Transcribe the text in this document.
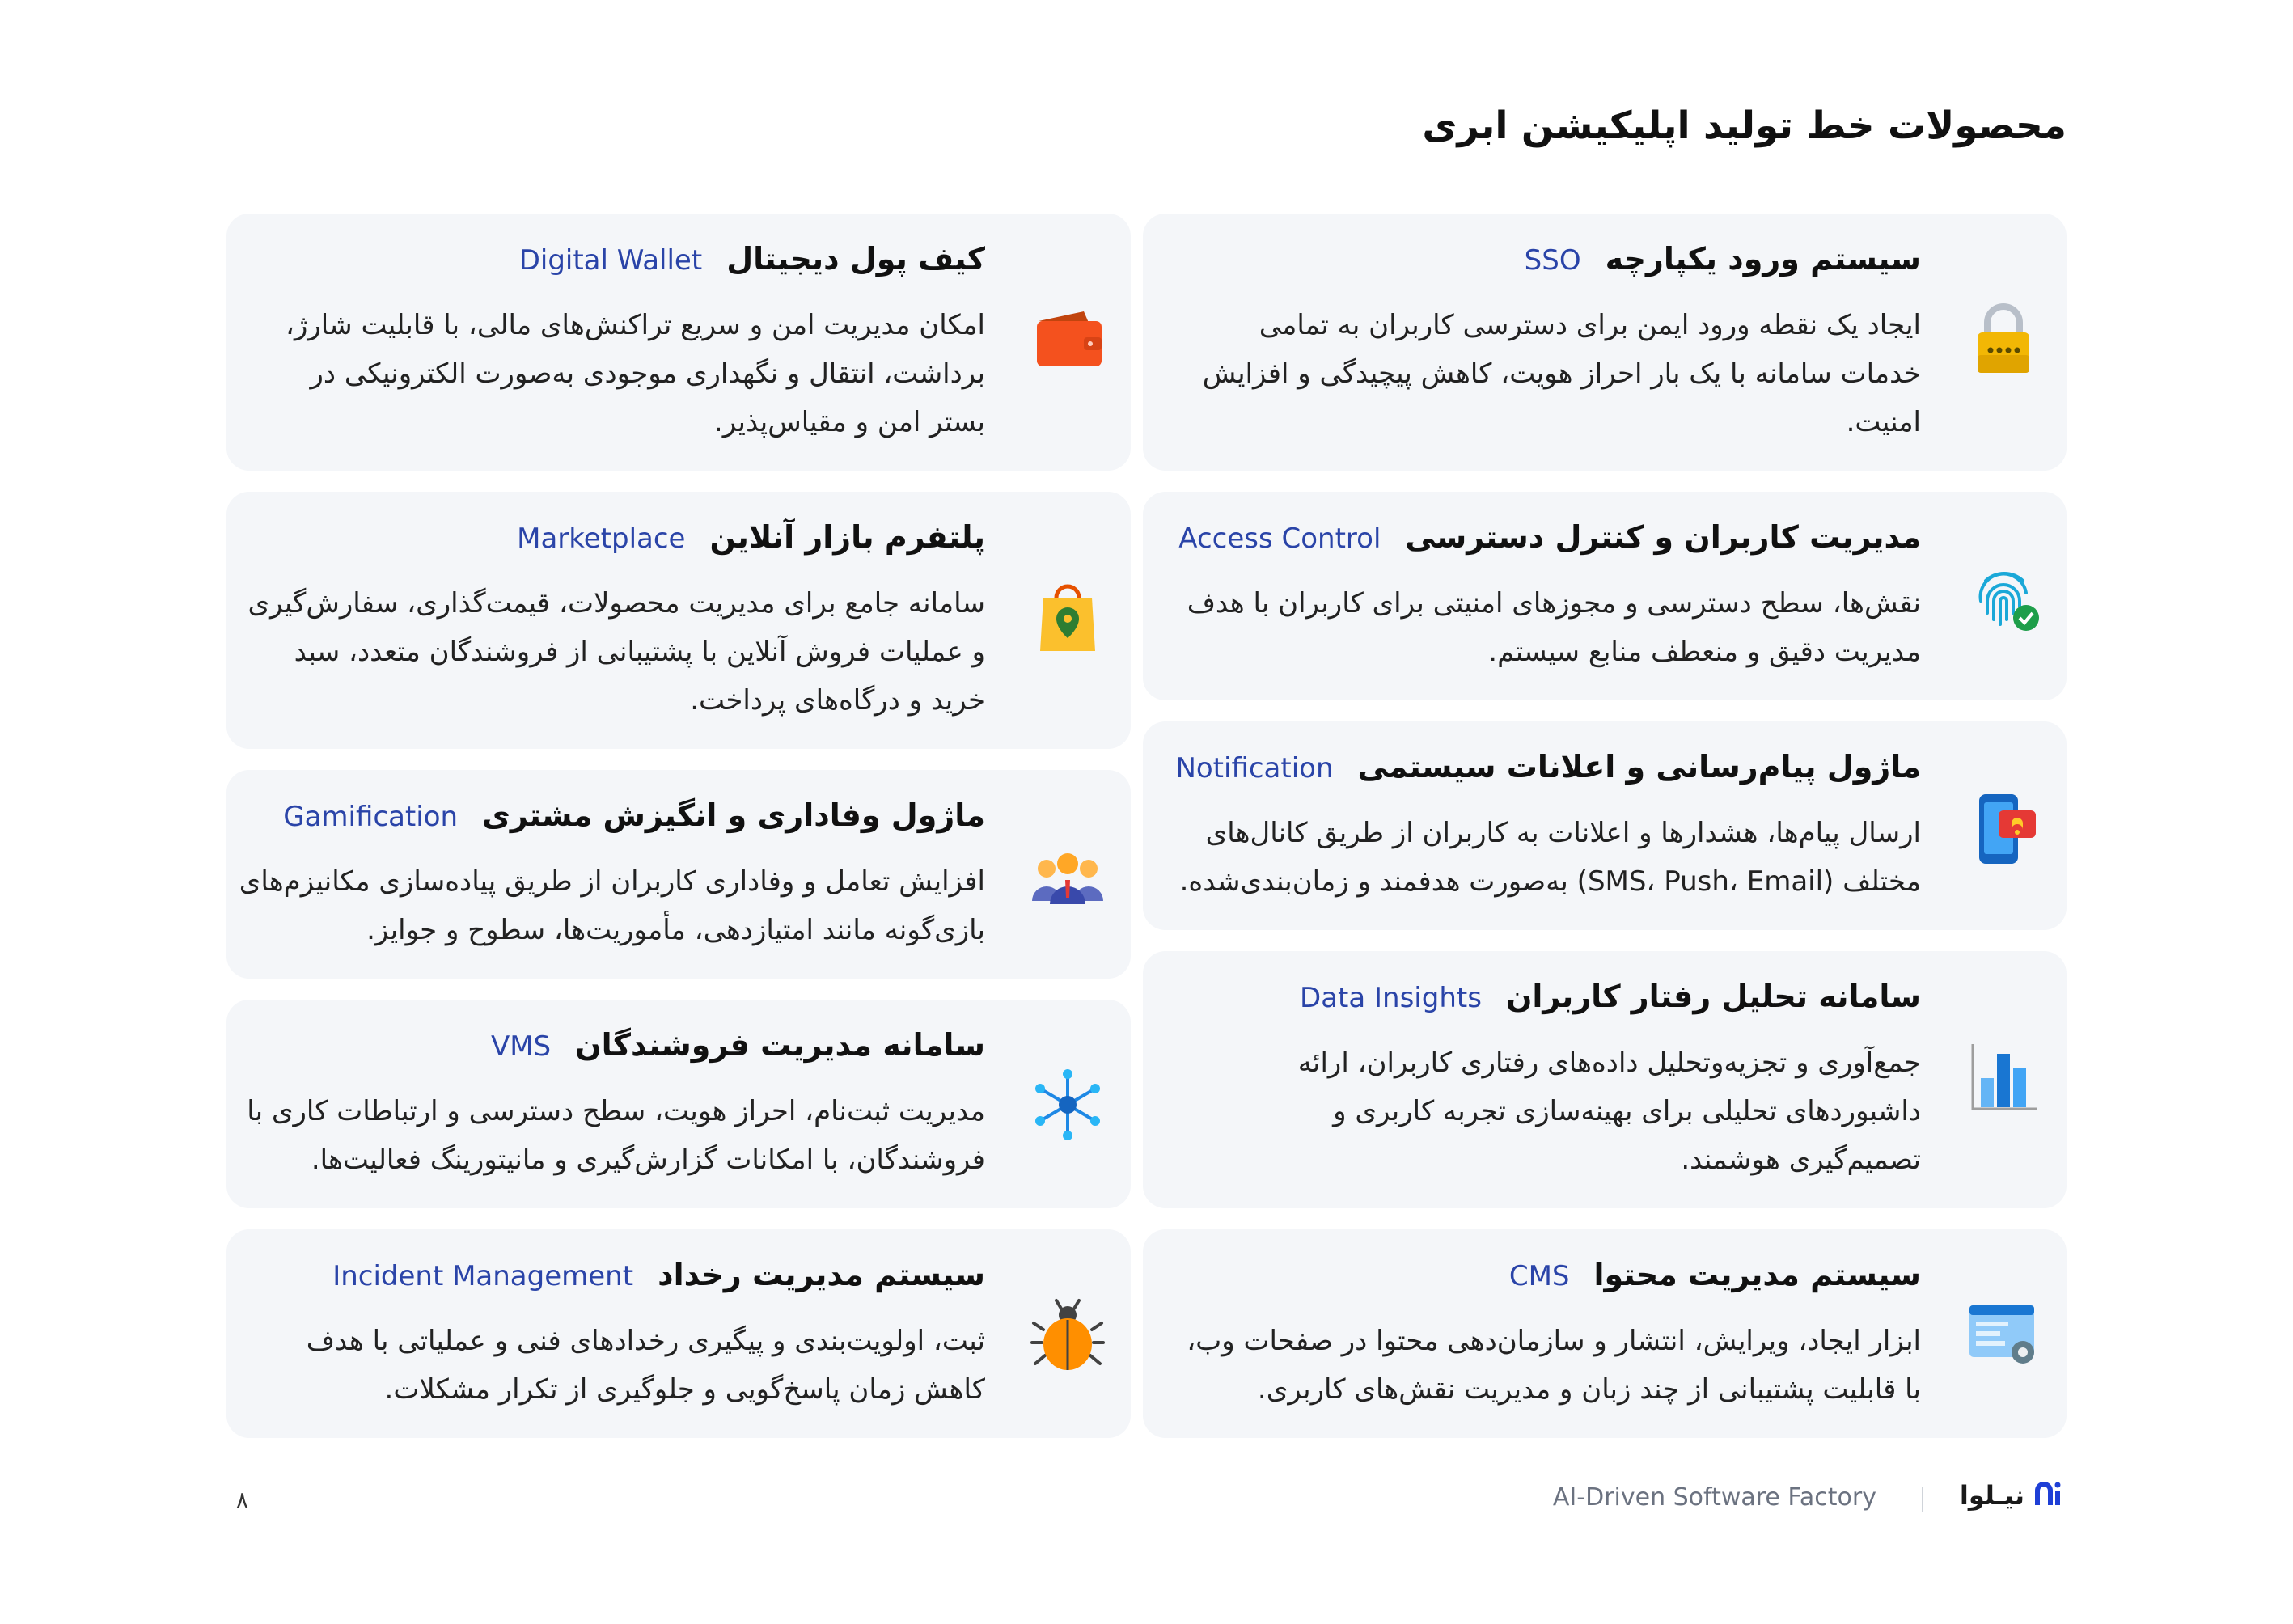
محصولات خط تولید اپلیکیشن ابری
سیستم ورود یکپارچه
SSO
ایجاد یک نقطه ورود ایمن برای دسترسی کاربران به تمامی
خدمات سامانه با یک بار احراز هویت، کاهش پیچیدگی و افزایش
امنیت.
مدیریت کاربران و کنترل دسترسی
Access Control
نقش‌ها، سطح دسترسی و مجوزهای امنیتی برای کاربران با هدف
مدیریت دقیق و منعطف منابع سیستم.
ماژول پیام‌رسانی و اعلانات سیستمی
Notification
ارسال پیام‌ها، هشدارها و اعلانات به کاربران از طریق کانال‌های
مختلف (SMS، Push، Email) به‌صورت هدفمند و زمان‌بندی‌شده.
سامانه تحلیل رفتار کاربران
Data Insights
جمع‌آوری و تجزیه‌وتحلیل داده‌های رفتاری کاربران، ارائه
داشبوردهای تحلیلی برای بهینه‌سازی تجربه کاربری و
تصمیم‌گیری هوشمند.
سیستم مدیریت محتوا
CMS
ابزار ایجاد، ویرایش، انتشار و سازمان‌دهی محتوا در صفحات وب،
با قابلیت پشتیبانی از چند زبان و مدیریت نقش‌های کاربری.
کیف پول دیجیتال
Digital Wallet
امکان مدیریت امن و سریع تراکنش‌های مالی، با قابلیت شارژ،
برداشت، انتقال و نگهداری موجودی به‌صورت الکترونیکی در
بستر امن و مقیاس‌پذیر.
پلتفرم بازار آنلاین
Marketplace
سامانه جامع برای مدیریت محصولات، قیمت‌گذاری، سفارش‌گیری
و عملیات فروش آنلاین با پشتیبانی از فروشندگان متعدد، سبد
خرید و درگاه‌های پرداخت.
ماژول وفاداری و انگیزش مشتری
Gamification
افزایش تعامل و وفاداری کاربران از طریق پیاده‌سازی مکانیزم‌های
بازی‌گونه مانند امتیازدهی، مأموریت‌ها، سطوح و جوایز.
سامانه مدیریت فروشندگان
VMS
مدیریت ثبت‌نام، احراز هویت، سطح دسترسی و ارتباطات کاری با
فروشندگان، با امکانات گزارش‌گیری و مانیتورینگ فعالیت‌ها.
سیستم مدیریت رخداد
Incident Management
ثبت، اولویت‌بندی و پیگیری رخدادهای فنی و عملیاتی با هدف
کاهش زمان پاسخ‌گویی و جلوگیری از تکرار مشکلات.
نیـلوا
AI-Driven Software Factory
۸
